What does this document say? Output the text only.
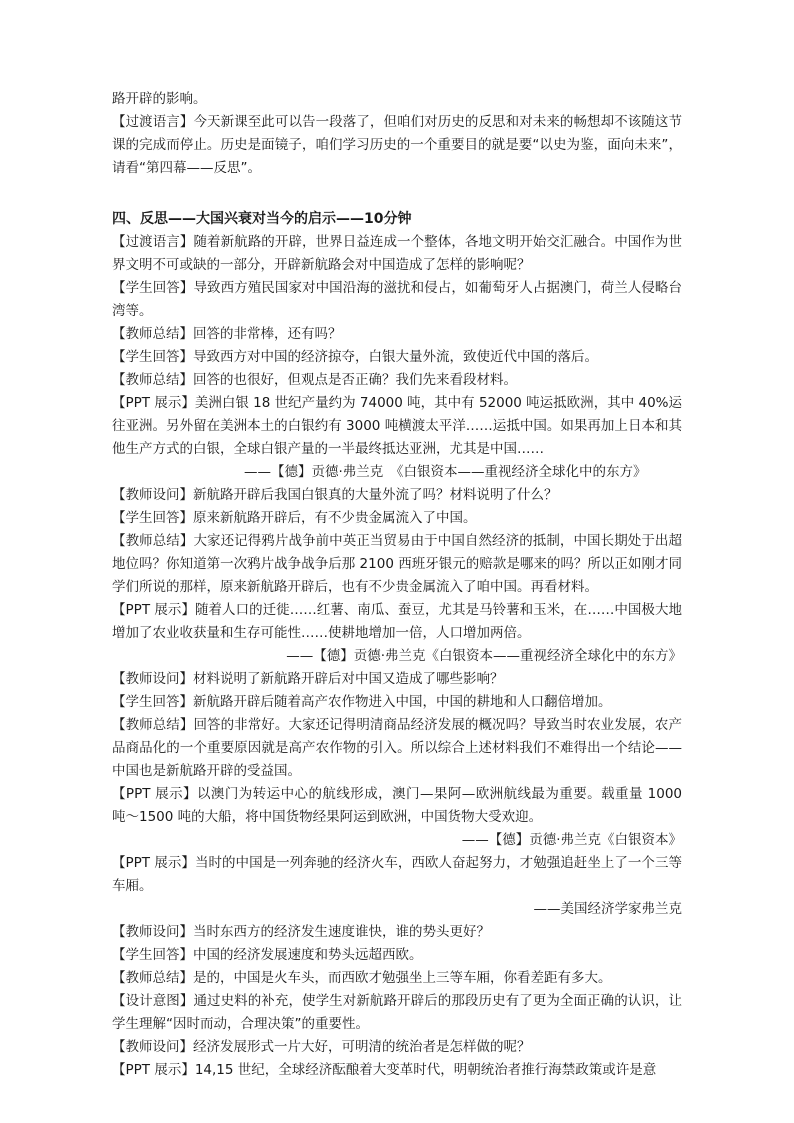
路开辟的影响。

【过渡语言】今天新课至此可以告一段落了，但咱们对历史的反思和对未来的畅想却不该随这节课的完成而停止。历史是面镜子，咱们学习历史的一个重要目的就是要“以史为鉴，面向未来”，请看“第四幕——反思”。

四、反思——大国兴衰对当今的启示——10分钟

【过渡语言】随着新航路的开辟，世界日益连成一个整体，各地文明开始交汇融合。中国作为世界文明不可或缺的一部分，开辟新航路会对中国造成了怎样的影响呢？

【学生回答】导致西方殖民国家对中国沿海的滋扰和侵占，如葡萄牙人占据澳门，荷兰人侵略台湾等。

【教师总结】回答的非常棒，还有吗？

【学生回答】导致西方对中国的经济掠夺，白银大量外流，致使近代中国的落后。

【教师总结】回答的也很好，但观点是否正确？我们先来看段材料。

【PPT 展示】美洲白银 18 世纪产量约为 74000 吨，其中有 52000 吨运抵欧洲，其中 40%运往亚洲。另外留在美洲本土的白银约有 3000 吨横渡太平洋……运抵中国。如果再加上日本和其他生产方式的白银，全球白银产量的一半最终抵达亚洲，尤其是中国……

——【德】贡德·弗兰克　《白银资本——重视经济全球化中的东方》

【教师设问】新航路开辟后我国白银真的大量外流了吗？材料说明了什么？

【学生回答】原来新航路开辟后，有不少贵金属流入了中国。

【教师总结】大家还记得鸦片战争前中英正当贸易由于中国自然经济的抵制，中国长期处于出超地位吗？你知道第一次鸦片战争战争后那 2100 西班牙银元的赔款是哪来的吗？所以正如刚才同学们所说的那样，原来新航路开辟后，也有不少贵金属流入了咱中国。再看材料。

【PPT 展示】随着人口的迁徙……红薯、南瓜、蚕豆，尤其是马铃薯和玉米，在……中国极大地增加了农业收获量和生存可能性……使耕地增加一倍，人口增加两倍。

——【德】贡德·弗兰克《白银资本——重视经济全球化中的东方》

【教师设问】材料说明了新航路开辟后对中国又造成了哪些影响？

【学生回答】新航路开辟后随着高产农作物进入中国，中国的耕地和人口翻倍增加。

【教师总结】回答的非常好。大家还记得明清商品经济发展的概况吗？导致当时农业发展，农产品商品化的一个重要原因就是高产农作物的引入。所以综合上述材料我们不难得出一个结论——中国也是新航路开辟的受益国。

【PPT 展示】以澳门为转运中心的航线形成，澳门—果阿—欧洲航线最为重要。载重量 1000 吨～1500 吨的大船，将中国货物经果阿运到欧洲，中国货物大受欢迎。

——【德】贡德·弗兰克《白银资本》

【PPT 展示】当时的中国是一列奔驰的经济火车，西欧人奋起努力，才勉强追赶坐上了一个三等车厢。

——美国经济学家弗兰克

【教师设问】当时东西方的经济发生速度谁快，谁的势头更好？

【学生回答】中国的经济发展速度和势头远超西欧。

【教师总结】是的，中国是火车头，而西欧才勉强坐上三等车厢，你看差距有多大。

【设计意图】通过史料的补充，使学生对新航路开辟后的那段历史有了更为全面正确的认识，让学生理解“因时而动，合理决策”的重要性。

【教师设问】经济发展形式一片大好，可明清的统治者是怎样做的呢？

【PPT 展示】14,15 世纪，全球经济酝酿着大变革时代，明朝统治者推行海禁政策或许是意
